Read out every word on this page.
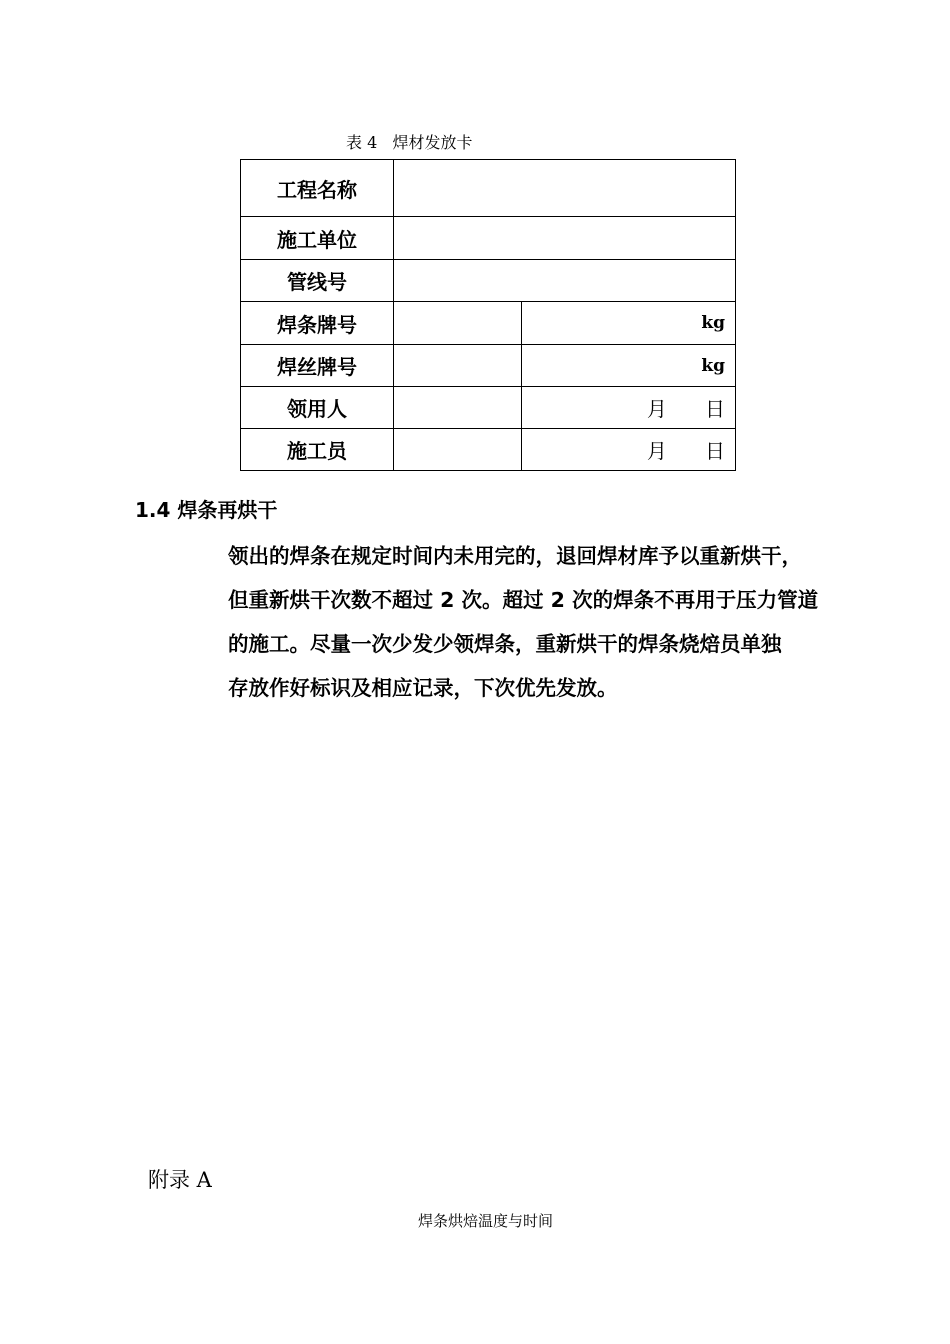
表 4   焊材发放卡
工程名称		
施工单位		
管线号		
焊条牌号		kg
焊丝牌号		kg
领用人		月      日
施工员		月      日
1.4 焊条再烘干
领出的焊条在规定时间内未用完的，退回焊材库予以重新烘干，
但重新烘干次数不超过 2 次。超过 2 次的焊条不再用于压力管道
的施工。尽量一次少发少领焊条，重新烘干的焊条烧焙员单独
存放作好标识及相应记录，下次优先发放。
附录 A
焊条烘焙温度与时间
